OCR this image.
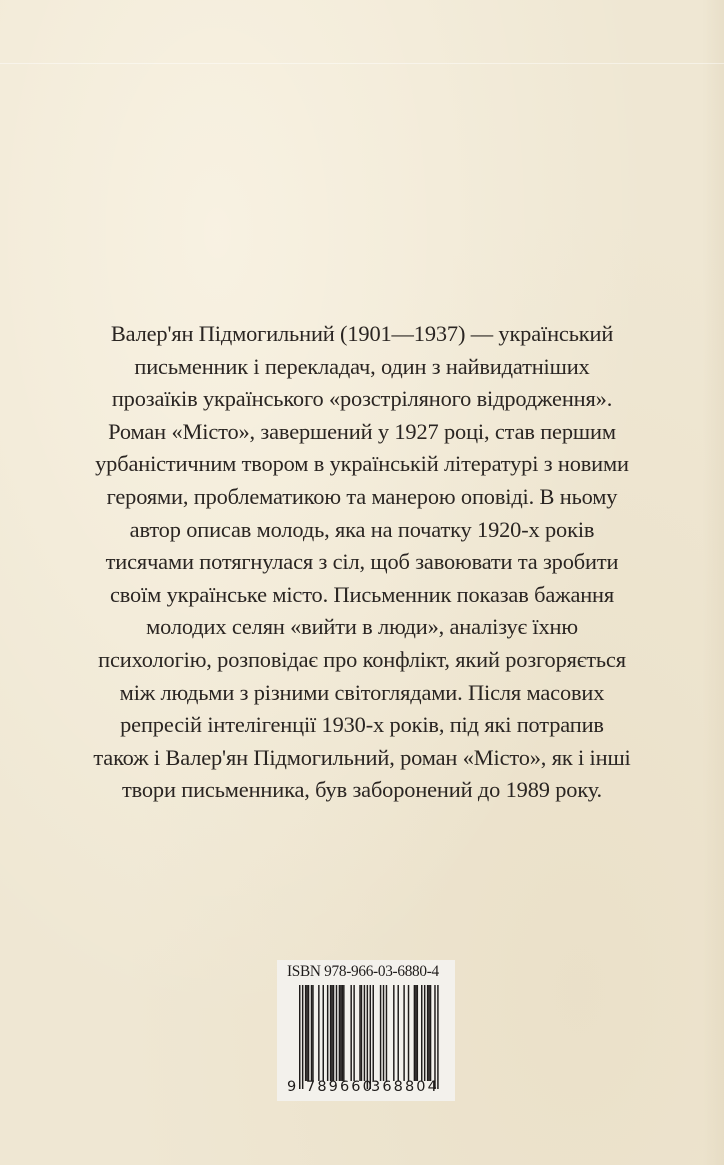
Валер'ян Підмогильний (1901—1937) — український
письменник і перекладач, один з найвидатніших
прозаїків українського «розстріляного відродження».
Роман «Місто», завершений у 1927 році, став першим
урбаністичним твором в українській літературі з новими
героями, проблематикою та манерою оповіді. В ньому
автор описав молодь, яка на початку 1920-х років
тисячами потягнулася з сіл, щоб завоювати та зробити
своїм українське місто. Письменник показав бажання
молодих селян «вийти в люди», аналізує їхню
психологію, розповідає про конфлікт, який розгоряється
між людьми з різними світоглядами. Після масових
репресій інтелігенції 1930-х років, під які потрапив
також і Валер'ян Підмогильний, роман «Місто», як і інші
твори письменника, був заборонений до 1989 року.
ISBN 978-966-03-6880-4
9 789660
368804
